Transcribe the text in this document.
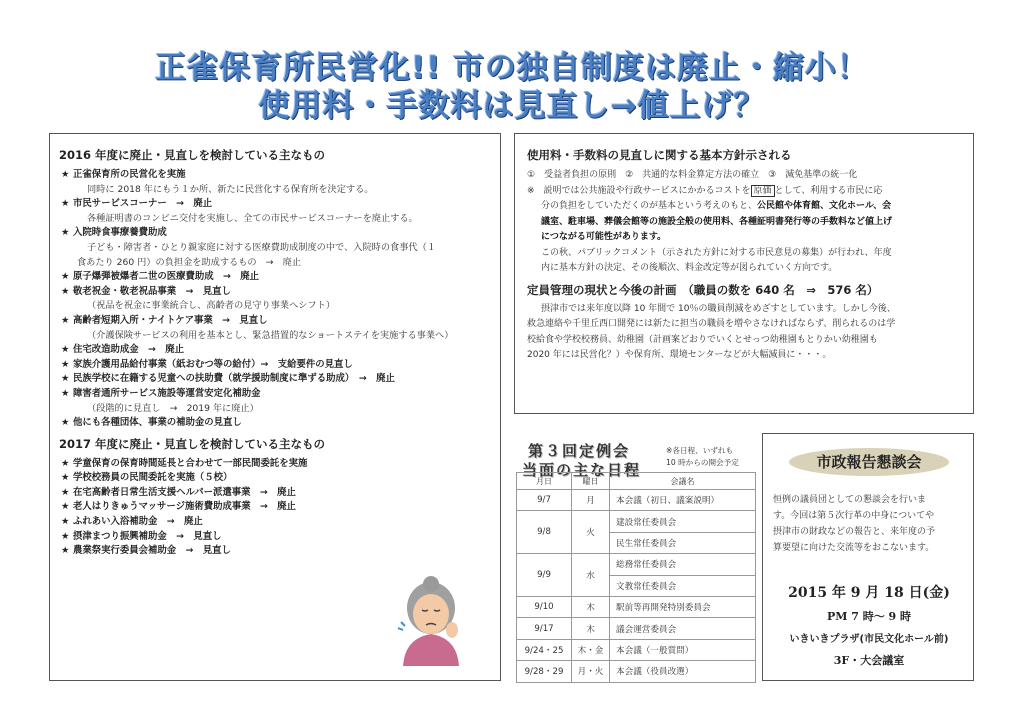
正雀保育所民営化!! 市の独自制度は廃止・縮小！
使用料・手数料は見直し→値上げ？
2016 年度に廃止・見直しを検討している主なもの
★ 正雀保育所の民営化を実施
同時に 2018 年にもう１か所、新たに民営化する保育所を決定する。
★ 市民サービスコーナー　→　廃止
各種証明書のコンビニ交付を実施し、全ての市民サービスコーナーを廃止する。
★ 入院時食事療養費助成
子ども・障害者・ひとり親家庭に対する医療費助成制度の中で、入院時の食事代（１
食あたり 260 円）の負担金を助成するもの　→　廃止
★ 原子爆弾被爆者二世の医療費助成　→　廃止
★ 敬老祝金・敬老祝品事業　→　見直し
（祝品を祝金に事業統合し、高齢者の見守り事業へシフト）
★ 高齢者短期入所・ナイトケア事業　→　見直し
（介護保険サービスの利用を基本とし、緊急措置的なショートステイを実施する事業へ）
★ 住宅改造助成金　→　廃止
★ 家族介護用品給付事業（紙おむつ等の給付）→　支給要件の見直し
★ 民族学校に在籍する児童への扶助費（就学援助制度に準ずる助成）　→　廃止
★ 障害者通所サービス施設等運営安定化補助金
（段階的に見直し　→　2019 年に廃止）
★ 他にも各種団体、事業の補助金の見直し
2017 年度に廃止・見直しを検討している主なもの
★ 学童保育の保育時間延長と合わせて一部民間委託を実施
★ 学校校務員の民間委託を実施（５校）
★ 在宅高齢者日常生活支援ヘルパー派遣事業　→　廃止
★ 老人はりきゅうマッサージ施術費助成事業　→　廃止
★ ふれあい入浴補助金　→　廃止
★ 摂津まつり振興補助金　→　見直し
★ 農業祭実行委員会補助金　→　見直し
使用料・手数料の見直しに関する基本方針示される
①　受益者負担の原則　②　共通的な料金算定方法の確立　③　減免基準の統一化
※　説明では公共施設や行政サービスにかかるコストを 原価 として、利用する市民に応
分の負担をしていただくのが基本という考えのもと、公民館や体育館、文化ホール、会
議室、駐車場、葬儀会館等の施設全般の使用料、各種証明書発行等の手数料など値上げ
につながる可能性があります。
この秋、パブリックコメント（示された方針に対する市民意見の募集）が行われ、年度
内に基本方針の決定、その後順次、料金改定等が図られていく方向です。
定員管理の現状と今後の計画　（職員の数を 640 名　⇒　576 名）
摂津市では来年度以降 10 年間で 10％の職員削減をめざすとしています。しかし今後、
救急連絡や千里丘西口開発には新たに担当の職員を増やさなければならず、削られるのは学
校給食や学校校務員、幼稚園（計画案どおりでいくとせっつ幼稚園もとりかい幼稚園も
2020 年には民営化？）や保育所、環境センターなどが大幅減員に・・・。
第３回定例会
当面の主な日程
※各日程、いずれも
10 時からの開会予定
月日	曜日	会議名
9/7	月	本会議（初日、議案説明）
9/8	火	建設常任委員会
		民生常任委員会
9/9	水	総務常任委員会
		文教常任委員会
9/10	木	駅前等再開発特別委員会
9/17	木	議会運営委員会
9/24・25	木・金	本会議（一般質問）
9/28・29	月・火	本会議（役員改選）
市政報告懇談会
恒例の議員団としての懇談会を行いま
す。今回は第５次行革の中身についてや
摂津市の財政などの報告と、来年度の予
算要望に向けた交流等をおこないます。
2015 年 9 月 18 日(金)
PM 7 時～ 9 時
いきいきプラザ(市民文化ホール前)
3F・大会議室
